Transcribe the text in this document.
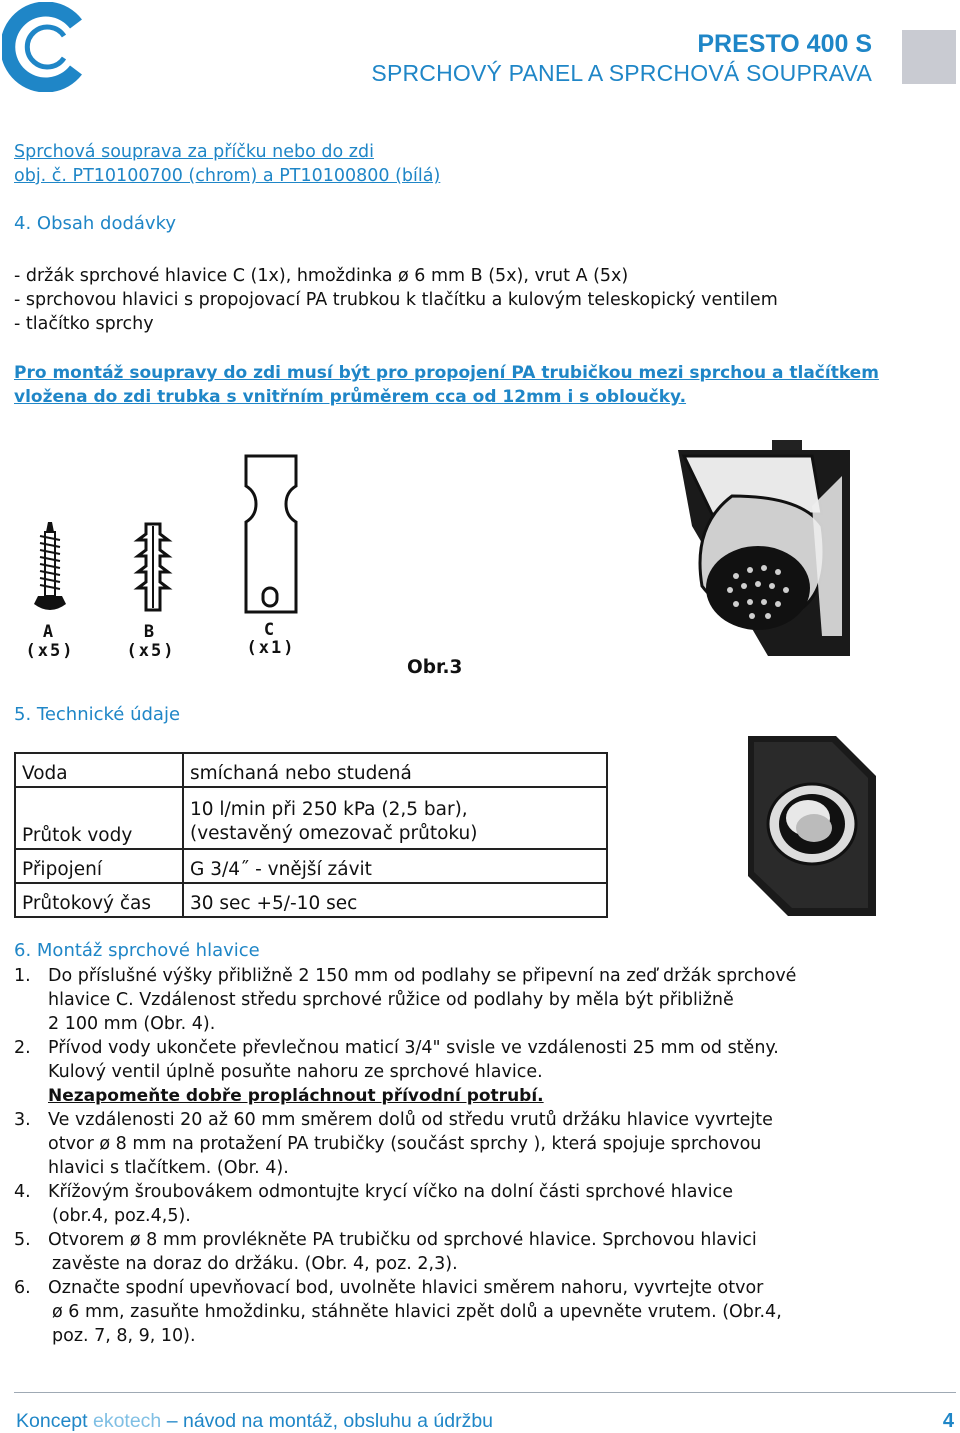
PRESTO 400 S
SPRCHOVÝ PANEL A SPRCHOVÁ SOUPRAVA
Sprchová souprava za příčku nebo do zdi
obj. č. PT10100700 (chrom) a PT10100800 (bílá)
4. Obsah dodávky
- držák sprchové hlavice C (1x), hmoždinka ø 6 mm B (5x), vrut A (5x)
- sprchovou hlavici s propojovací PA trubkou k tlačítku a kulovým teleskopický ventilem
- tlačítko sprchy
Pro montáž soupravy do zdi musí být pro propojení PA trubičkou mezi sprchou a tlačítkem
vložena do zdi trubka s vnitřním průměrem cca od 12mm i s obloučky.
A
(x5)
B
(x5)
C
(x1)
Obr.3
5. Technické údaje
Voda	smíchaná nebo studená
Průtok vody	10 l/min při 250 kPa (2,5 bar),
(vestavěný omezovač průtoku)

Připojení	G 3/4˝ - vnější závit
Průtokový čas	30 sec +5/-10 sec
6. Montáž sprchové hlavice
1. Do příslušné výšky přibližně 2 150 mm od podlahy se připevní na zeď držák sprchové
hlavice C. Vzdálenost středu sprchové růžice od podlahy by měla být přibližně
2 100 mm (Obr. 4).
2. Přívod vody ukončete převlečnou maticí 3/4" svisle ve vzdálenosti 25 mm od stěny.
Kulový ventil úplně posuňte nahoru ze sprchové hlavice.
Nezapomeňte dobře propláchnout přívodní potrubí.
3. Ve vzdálenosti 20 až 60 mm směrem dolů od středu vrutů držáku hlavice vyvrtejte
otvor ø 8 mm na protažení PA trubičky (součást sprchy ), která spojuje sprchovou
hlavici s tlačítkem. (Obr. 4).
4. Křížovým šroubovákem odmontujte krycí víčko na dolní části sprchové hlavice
(obr.4, poz.4,5).
5. Otvorem ø 8 mm provlékněte PA trubičku od sprchové hlavice. Sprchovou hlavici
zavěste na doraz do držáku. (Obr. 4, poz. 2,3).
6. Označte spodní upevňovací bod, uvolněte hlavici směrem nahoru, vyvrtejte otvor
ø 6 mm, zasuňte hmoždinku, stáhněte hlavici zpět dolů a upevněte vrutem. (Obr.4,
poz. 7, 8, 9, 10).
Koncept ekotech – návod na montáž, obsluhu a údržbu	4
